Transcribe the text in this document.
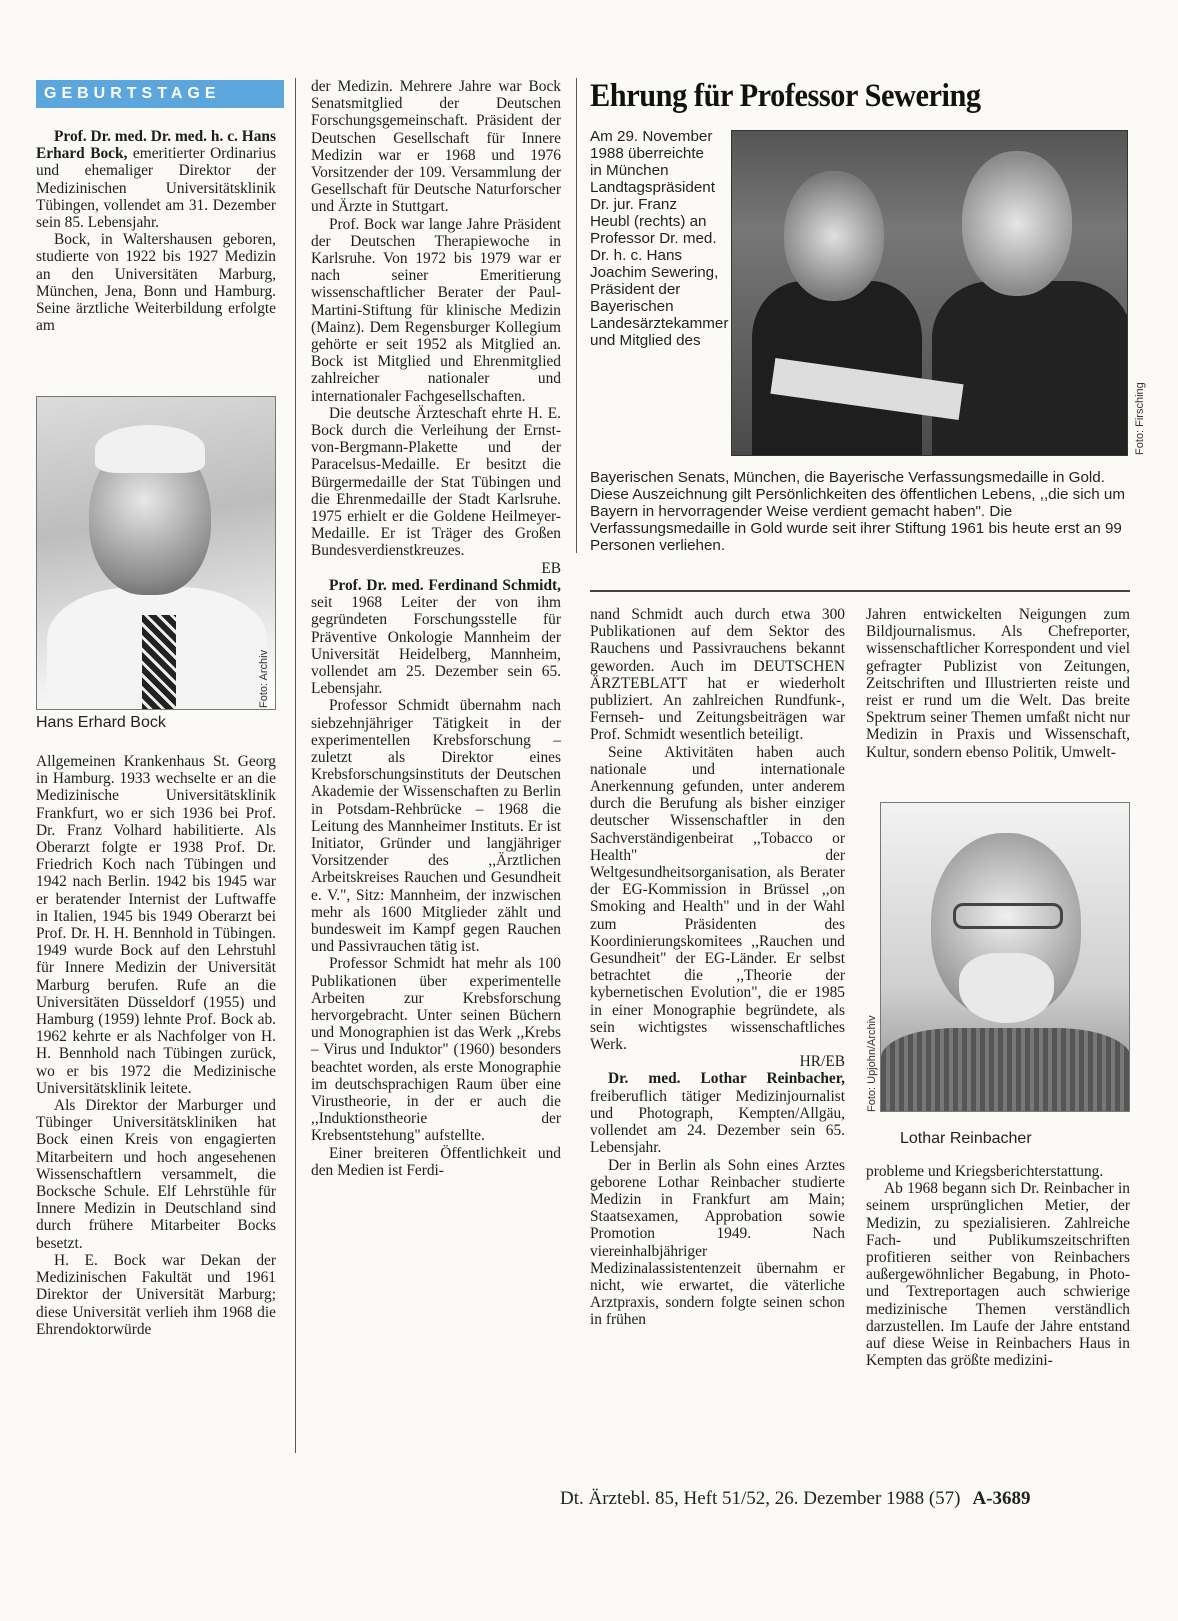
GEBURTSTAGE

Prof. Dr. med. Dr. med. h. c. Hans Erhard Bock, emeritierter Ordinarius und ehemaliger Direktor der Medizinischen Universitätsklinik Tübingen, vollendet am 31. Dezember sein 85. Lebensjahr.

Bock, in Waltershausen geboren, studierte von 1922 bis 1927 Medizin an den Universitäten Marburg, München, Jena, Bonn und Hamburg. Seine ärztliche Weiterbildung erfolgte am

Foto: Archiv
Hans Erhard Bock

Allgemeinen Krankenhaus St. Georg in Hamburg. 1933 wechselte er an die Medizinische Universitätsklinik Frankfurt, wo er sich 1936 bei Prof. Dr. Franz Volhard habilitierte. Als Oberarzt folgte er 1938 Prof. Dr. Friedrich Koch nach Tübingen und 1942 nach Berlin. 1942 bis 1945 war er beratender Internist der Luftwaffe in Italien, 1945 bis 1949 Oberarzt bei Prof. Dr. H. H. Bennhold in Tübingen. 1949 wurde Bock auf den Lehrstuhl für Innere Medizin der Universität Marburg berufen. Rufe an die Universitäten Düsseldorf (1955) und Hamburg (1959) lehnte Prof. Bock ab. 1962 kehrte er als Nachfolger von H. H. Bennhold nach Tübingen zurück, wo er bis 1972 die Medizinische Universitätsklinik leitete.

Als Direktor der Marburger und Tübinger Universitätskliniken hat Bock einen Kreis von engagierten Mitarbeitern und hoch angesehenen Wissenschaftlern versammelt, die Bocksche Schule. Elf Lehrstühle für Innere Medizin in Deutschland sind durch frühere Mitarbeiter Bocks besetzt.

H. E. Bock war Dekan der Medizinischen Fakultät und 1961 Direktor der Universität Marburg; diese Universität verlieh ihm 1968 die Ehrendoktorwürde

der Medizin. Mehrere Jahre war Bock Senatsmitglied der Deutschen Forschungsgemeinschaft. Präsident der Deutschen Gesellschaft für Innere Medizin war er 1968 und 1976 Vorsitzender der 109. Versammlung der Gesellschaft für Deutsche Naturforscher und Ärzte in Stuttgart.

Prof. Bock war lange Jahre Präsident der Deutschen Therapiewoche in Karlsruhe. Von 1972 bis 1979 war er nach seiner Emeritierung wissenschaftlicher Berater der Paul-Martini-Stiftung für klinische Medizin (Mainz). Dem Regensburger Kollegium gehörte er seit 1952 als Mitglied an. Bock ist Mitglied und Ehrenmitglied zahlreicher nationaler und internationaler Fachgesellschaften.

Die deutsche Ärzteschaft ehrte H. E. Bock durch die Verleihung der Ernst-von-Bergmann-Plakette und der Paracelsus-Medaille. Er besitzt die Bürgermedaille der Stat Tübingen und die Ehrenmedaille der Stadt Karlsruhe. 1975 erhielt er die Goldene Heilmeyer-Medaille. Er ist Träger des Großen Bundesverdienstkreuzes.

EB

Prof. Dr. med. Ferdinand Schmidt, seit 1968 Leiter der von ihm gegründeten Forschungsstelle für Präventive Onkologie Mannheim der Universität Heidelberg, Mannheim, vollendet am 25. Dezember sein 65. Lebensjahr.

Professor Schmidt übernahm nach siebzehnjähriger Tätigkeit in der experimentellen Krebsforschung – zuletzt als Direktor eines Krebsforschungsinstituts der Deutschen Akademie der Wissenschaften zu Berlin in Potsdam-Rehbrücke – 1968 die Leitung des Mannheimer Instituts. Er ist Initiator, Gründer und langjähriger Vorsitzender des ,,Ärztlichen Arbeitskreises Rauchen und Gesundheit e. V.", Sitz: Mannheim, der inzwischen mehr als 1600 Mitglieder zählt und bundesweit im Kampf gegen Rauchen und Passivrauchen tätig ist.

Professor Schmidt hat mehr als 100 Publikationen über experimentelle Arbeiten zur Krebsforschung hervorgebracht. Unter seinen Büchern und Monographien ist das Werk ,,Krebs – Virus und Induktor" (1960) besonders beachtet worden, als erste Monographie im deutschsprachigen Raum über eine Virustheorie, in der er auch die ,,Induktionstheorie der Krebsentstehung" aufstellte.

Einer breiteren Öffentlichkeit und den Medien ist Ferdi-

Ehrung für Professor Sewering
Foto: Firsching
Am 29. November 1988 überreichte in München Landtagspräsident Dr. jur. Franz Heubl (rechts) an Professor Dr. med. Dr. h. c. Hans Joachim Sewering, Präsident der Bayerischen Landesärztekammer und Mitglied des
Bayerischen Senats, München, die Bayerische Verfassungsmedaille in Gold. Diese Auszeichnung gilt Persönlichkeiten des öffentlichen Lebens, ,,die sich um Bayern in hervorragender Weise verdient gemacht haben". Die Verfassungsmedaille in Gold wurde seit ihrer Stiftung 1961 bis heute erst an 99 Personen verliehen.

nand Schmidt auch durch etwa 300 Publikationen auf dem Sektor des Rauchens und Passivrauchens bekannt geworden. Auch im DEUTSCHEN ÄRZTEBLATT hat er wiederholt publiziert. An zahlreichen Rundfunk-, Fernseh- und Zeitungsbeiträgen war Prof. Schmidt wesentlich beteiligt.

Seine Aktivitäten haben auch nationale und internationale Anerkennung gefunden, unter anderem durch die Berufung als bisher einziger deutscher Wissenschaftler in den Sachverständigenbeirat ,,Tobacco or Health" der Weltgesundheitsorganisation, als Berater der EG-Kommission in Brüssel ,,on Smoking and Health" und in der Wahl zum Präsidenten des Koordinierungskomitees ,,Rauchen und Gesundheit" der EG-Länder. Er selbst betrachtet die ,,Theorie der kybernetischen Evolution", die er 1985 in einer Monographie begründete, als sein wichtigstes wissenschaftliches Werk.

HR/EB

Dr. med. Lothar Reinbacher, freiberuflich tätiger Medizinjournalist und Photograph, Kempten/Allgäu, vollendet am 24. Dezember sein 65. Lebensjahr.

Der in Berlin als Sohn eines Arztes geborene Lothar Reinbacher studierte Medizin in Frankfurt am Main; Staatsexamen, Approbation sowie Promotion 1949. Nach viereinhalbjähriger Medizinalassistentenzeit übernahm er nicht, wie erwartet, die väterliche Arztpraxis, sondern folgte seinen schon in frühen

Jahren entwickelten Neigungen zum Bildjournalismus. Als Chefreporter, wissenschaftlicher Korrespondent und viel gefragter Publizist von Zeitungen, Zeitschriften und Illustrierten reiste und reist er rund um die Welt. Das breite Spektrum seiner Themen umfaßt nicht nur Medizin in Praxis und Wissenschaft, Kultur, sondern ebenso Politik, Umwelt-

Foto: Upjohn/Archiv
Lothar Reinbacher

probleme und Kriegsberichterstattung.

Ab 1968 begann sich Dr. Reinbacher in seinem ursprünglichen Metier, der Medizin, zu spezialisieren. Zahlreiche Fach- und Publikumszeitschriften profitieren seither von Reinbachers außergewöhnlicher Begabung, in Photo- und Textreportagen auch schwierige medizinische Themen verständlich darzustellen. Im Laufe der Jahre entstand auf diese Weise in Reinbachers Haus in Kempten das größte medizini-

Dt. Ärztebl. 85, Heft 51/52, 26. Dezember 1988 (57) A-3689
